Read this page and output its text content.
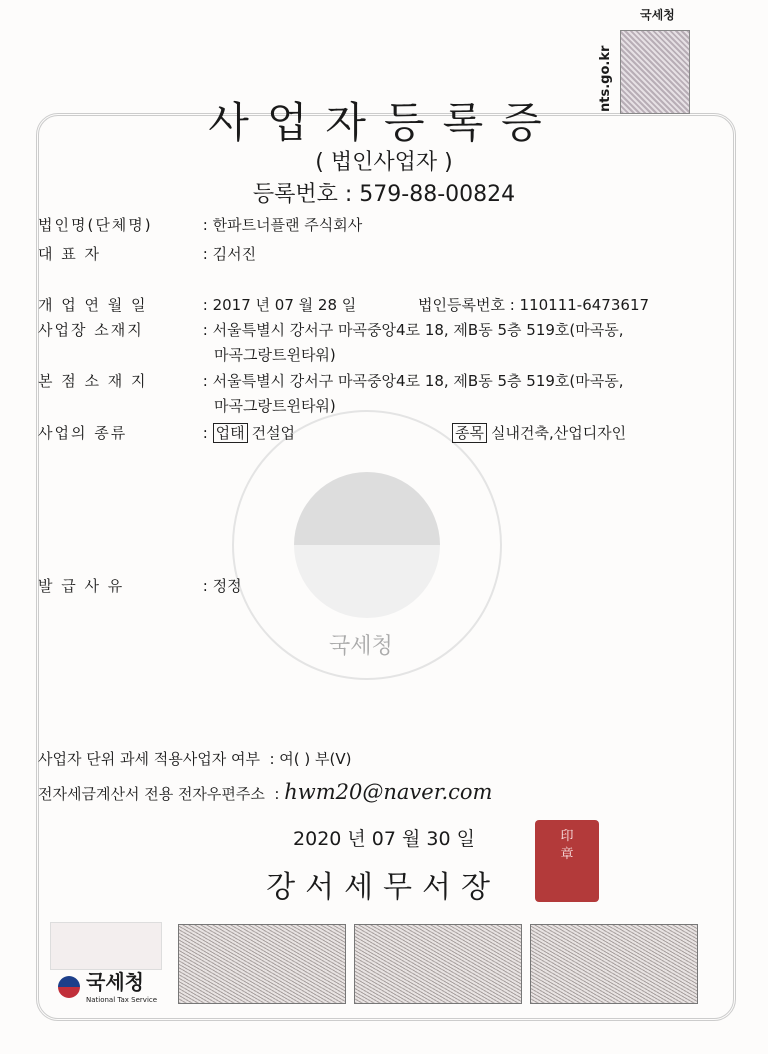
국세청
국세청
nts.go.kr
사업자등록증
( 법인사업자 )
등록번호 : 579-88-00824
법인명(단체명)	: 한파트너플랜 주식회사
대 표 자	: 김서진
개 업 연 월 일	: 2017 년 07 월 28 일	법인등록번호 : 110111-6473617
사업장 소재지	: 서울특별시 강서구 마곡중앙4로 18, 제B동 5층 519호(마곡동,
마곡그랑트윈타워)
본 점 소 재 지	: 서울특별시 강서구 마곡중앙4로 18, 제B동 5층 519호(마곡동,
마곡그랑트윈타워)
사업의 종류	: 업태 건설업	종목 실내건축,산업디자인
발 급 사 유	: 정정
사업자 단위 과세 적용사업자 여부  : 여( ) 부(V)
전자세금계산서 전용 전자우편주소  : hwm20@naver.com
2020 년 07 월 30 일
강서세무서장
印
章
국세청
National Tax Service
